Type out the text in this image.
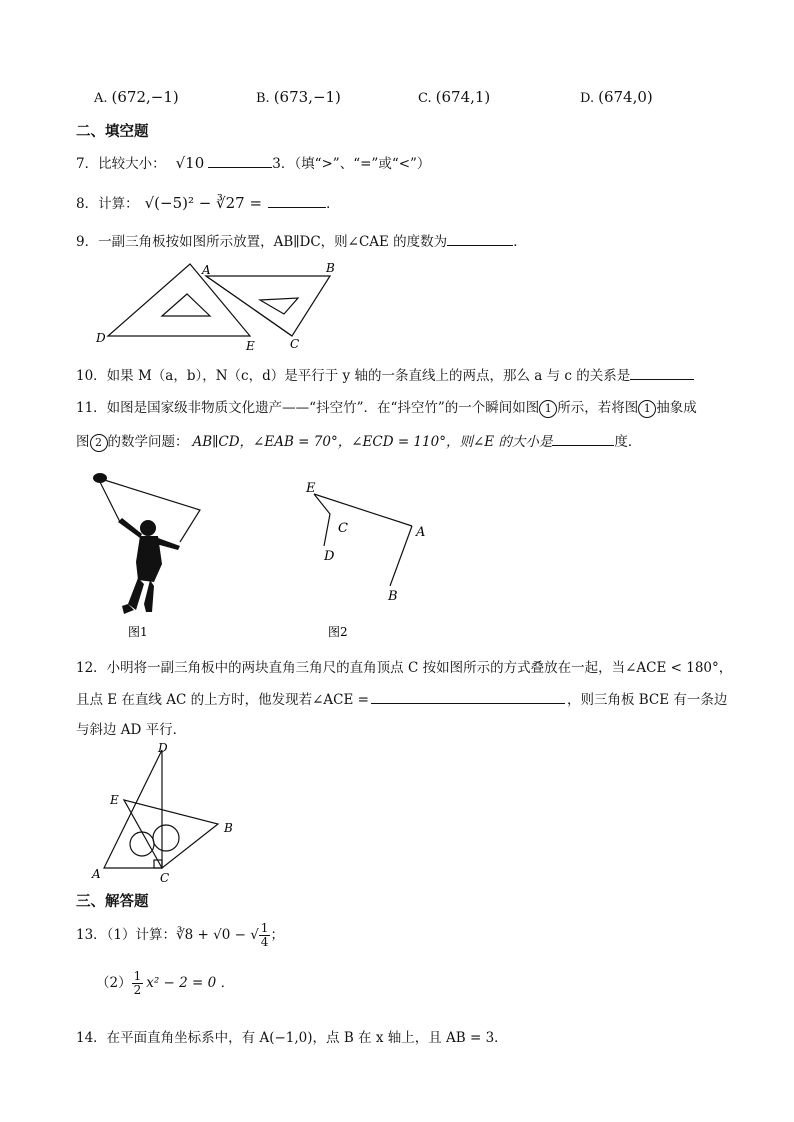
A. (672,−1)	B. (673,−1)	C. (674,1)	D. (674,0)
二、填空题
7．比较大小： √10	3．（填“>”、“=”或“<”）
8．计算： √(−5)² − ∛27 =	．
9．一副三角板按如图所示放置，AB∥DC，则∠CAE 的度数为	．
A	B
C
D
E
10．如果 M（a，b），N（c，d）是平行于 y 轴的一条直线上的两点，那么 a 与 c 的关系是
11．如图是国家级非物质文化遗产——“抖空竹”．在“抖空竹”的一个瞬间如图 1 所示，若将图 1 抽象成
图 2 的数学问题： AB∥CD，∠EAB = 70°，∠ECD = 110°，则∠E 的大小是	度．
图1
E
C	A
D
B
图2
12．小明将一副三角板中的两块直角三角尺的直角顶点 C 按如图所示的方式叠放在一起，当∠ACE < 180°，
且点 E 在直线 AC 的上方时，他发现若∠ACE =	，则三角板 BCE 有一条边
与斜边 AD 平行．
D
E
B
A	C
三、解答题
13．（1）计算：∛8 + √0 − √ $\frac{1}{4}$ ；
$(2) \frac{1}{2} x^2 - 2 = 0$ ．
14．在平面直角坐标系中，有 A(−1,0)，点 B 在 x 轴上，且 AB = 3．
